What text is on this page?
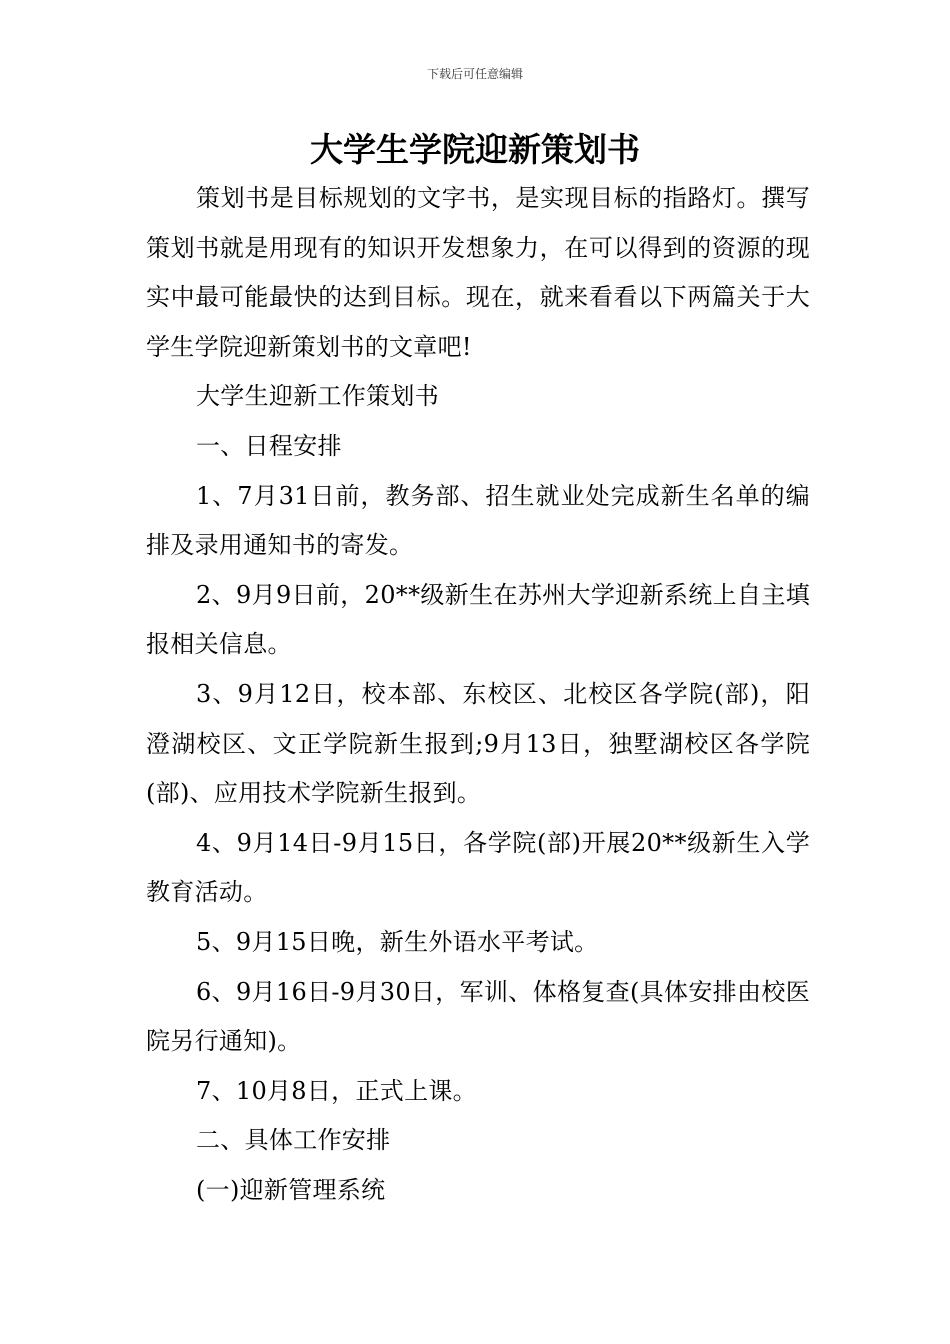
下载后可任意编辑
大学生学院迎新策划书

策划书是目标规划的文字书，是实现目标的指路灯。撰写策划书就是用现有的知识开发想象力，在可以得到的资源的现实中最可能最快的达到目标。现在，就来看看以下两篇关于大学生学院迎新策划书的文章吧!

大学生迎新工作策划书

一、日程安排

1、7月31日前，教务部、招生就业处完成新生名单的编排及录用通知书的寄发。

2、9月9日前，20**级新生在苏州大学迎新系统上自主填报相关信息。

3、9月12日，校本部、东校区、北校区各学院(部)，阳澄湖校区、文正学院新生报到;9月13日，独墅湖校区各学院(部)、应用技术学院新生报到。

4、9月14日-9月15日，各学院(部)开展20**级新生入学教育活动。

5、9月15日晚，新生外语水平考试。

6、9月16日-9月30日，军训、体格复查(具体安排由校医院另行通知)。

7、10月8日，正式上课。

二、具体工作安排

(一)迎新管理系统
